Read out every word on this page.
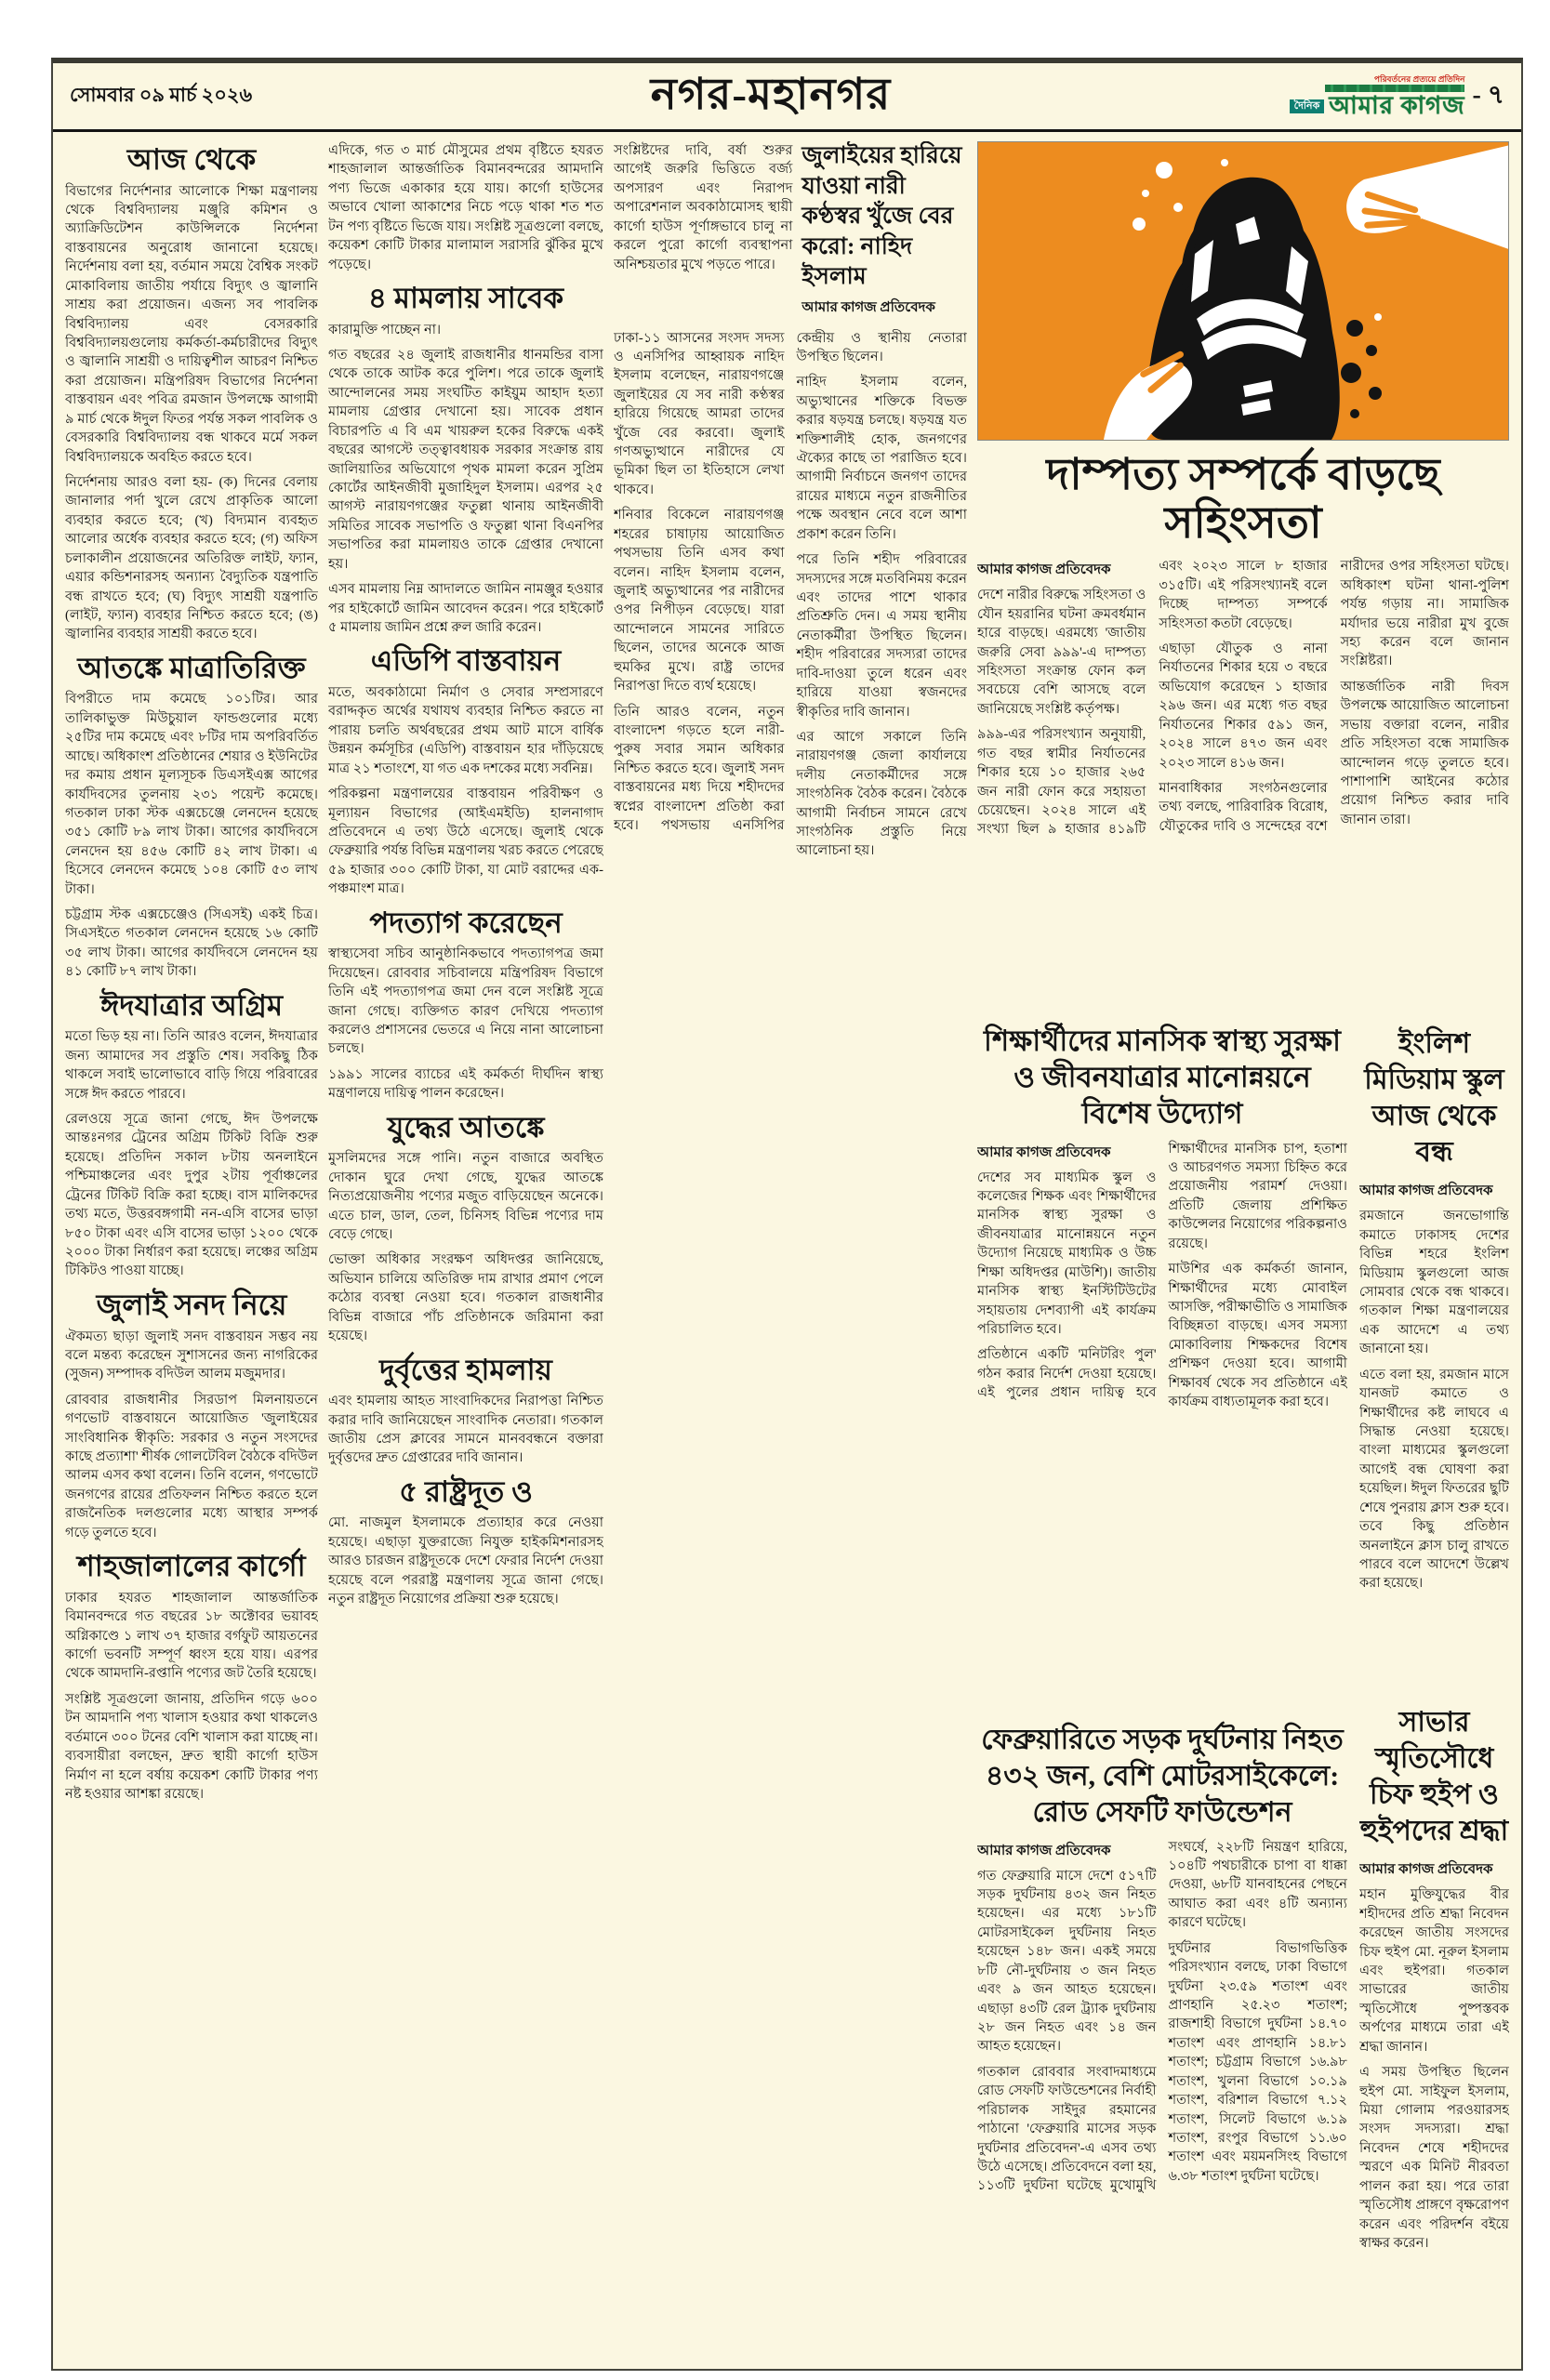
সোমবার ০৯ মার্চ ২০২৬	নগর-মহানগর	পরিবর্তনের প্রত্যয়ে প্রতিদিন
দৈনিক আমার কাগজ - ৭
আজ থেকে

বিভাগের নির্দেশনার আলোকে শিক্ষা মন্ত্রণালয় থেকে বিশ্ববিদ্যালয় মঞ্জুরি কমিশন ও অ্যাক্রিডিটেশন কাউন্সিলকে নির্দেশনা বাস্তবায়নের অনুরোধ জানানো হয়েছে। নির্দেশনায় বলা হয়, বর্তমান সময়ে বৈশ্বিক সংকট মোকাবিলায় জাতীয় পর্যায়ে বিদ্যুৎ ও জ্বালানি সাশ্রয় করা প্রয়োজন। এজন্য সব পাবলিক বিশ্ববিদ্যালয় এবং বেসরকারি বিশ্ববিদ্যালয়গুলোয় কর্মকর্তা-কর্মচারীদের বিদ্যুৎ ও জ্বালানি সাশ্রয়ী ও দায়িত্বশীল আচরণ নিশ্চিত করা প্রয়োজন। মন্ত্রিপরিষদ বিভাগের নির্দেশনা বাস্তবায়ন এবং পবিত্র রমজান উপলক্ষে আগামী ৯ মার্চ থেকে ঈদুল ফিতর পর্যন্ত সকল পাবলিক ও বেসরকারি বিশ্ববিদ্যালয় বন্ধ থাকবে মর্মে সকল বিশ্ববিদ্যালয়কে অবহিত করতে হবে।

নির্দেশনায় আরও বলা হয়- (ক) দিনের বেলায় জানালার পর্দা খুলে রেখে প্রাকৃতিক আলো ব্যবহার করতে হবে; (খ) বিদ্যমান ব্যবহৃত আলোর অর্ধেক ব্যবহার করতে হবে; (গ) অফিস চলাকালীন প্রয়োজনের অতিরিক্ত লাইট, ফ্যান, এয়ার কন্ডিশনারসহ অন্যান্য বৈদ্যুতিক যন্ত্রপাতি বন্ধ রাখতে হবে; (ঘ) বিদ্যুৎ সাশ্রয়ী যন্ত্রপাতি (লাইট, ফ্যান) ব্যবহার নিশ্চিত করতে হবে; (ঙ) জ্বালানির ব্যবহার সাশ্রয়ী করতে হবে।

আতঙ্কে মাত্রাতিরিক্ত

বিপরীতে দাম কমেছে ১০১টির। আর তালিকাভুক্ত মিউচুয়াল ফান্ডগুলোর মধ্যে ২৫টির দাম কমেছে এবং ৮টির দাম অপরিবর্তিত আছে। অধিকাংশ প্রতিষ্ঠানের শেয়ার ও ইউনিটের দর কমায় প্রধান মূল্যসূচক ডিএসইএক্স আগের কার্যদিবসের তুলনায় ২৩১ পয়েন্ট কমেছে। গতকাল ঢাকা স্টক এক্সচেঞ্জে লেনদেন হয়েছে ৩৫১ কোটি ৮৯ লাখ টাকা। আগের কার্যদিবসে লেনদেন হয় ৪৫৬ কোটি ৪২ লাখ টাকা। এ হিসেবে লেনদেন কমেছে ১০৪ কোটি ৫৩ লাখ টাকা।

চট্টগ্রাম স্টক এক্সচেঞ্জেও (সিএসই) একই চিত্র। সিএসইতে গতকাল লেনদেন হয়েছে ১৬ কোটি ৩৫ লাখ টাকা। আগের কার্যদিবসে লেনদেন হয় ৪১ কোটি ৮৭ লাখ টাকা।

ঈদযাত্রার অগ্রিম

মতো ভিড় হয় না। তিনি আরও বলেন, ঈদযাত্রার জন্য আমাদের সব প্রস্তুতি শেষ। সবকিছু ঠিক থাকলে সবাই ভালোভাবে বাড়ি গিয়ে পরিবারের সঙ্গে ঈদ করতে পারবে।

রেলওয়ে সূত্রে জানা গেছে, ঈদ উপলক্ষে আন্তঃনগর ট্রেনের অগ্রিম টিকিট বিক্রি শুরু হয়েছে। প্রতিদিন সকাল ৮টায় অনলাইনে পশ্চিমাঞ্চলের এবং দুপুর ২টায় পূর্বাঞ্চলের ট্রেনের টিকিট বিক্রি করা হচ্ছে। বাস মালিকদের তথ্য মতে, উত্তরবঙ্গগামী নন-এসি বাসের ভাড়া ৮৫০ টাকা এবং এসি বাসের ভাড়া ১২০০ থেকে ২০০০ টাকা নির্ধারণ করা হয়েছে। লঞ্চের অগ্রিম টিকিটও পাওয়া যাচ্ছে।

জুলাই সনদ নিয়ে

ঐকমত্য ছাড়া জুলাই সনদ বাস্তবায়ন সম্ভব নয় বলে মন্তব্য করেছেন সুশাসনের জন্য নাগরিকের (সুজন) সম্পাদক বদিউল আলম মজুমদার।

রোববার রাজধানীর সিরডাপ মিলনায়তনে গণভোট বাস্তবায়নে আয়োজিত 'জুলাইয়ের সাংবিধানিক স্বীকৃতি: সরকার ও নতুন সংসদের কাছে প্রত্যাশা' শীর্ষক গোলটেবিল বৈঠকে বদিউল আলম এসব কথা বলেন। তিনি বলেন, গণভোটে জনগণের রায়ের প্রতিফলন নিশ্চিত করতে হলে রাজনৈতিক দলগুলোর মধ্যে আস্থার সম্পর্ক গড়ে তুলতে হবে।

শাহজালালের কার্গো

ঢাকার হযরত শাহজালাল আন্তর্জাতিক বিমানবন্দরে গত বছরের ১৮ অক্টোবর ভয়াবহ অগ্নিকাণ্ডে ১ লাখ ৩৭ হাজার বর্গফুট আয়তনের কার্গো ভবনটি সম্পূর্ণ ধ্বংস হয়ে যায়। এরপর থেকে আমদানি-রপ্তানি পণ্যের জট তৈরি হয়েছে।

সংশ্লিষ্ট সূত্রগুলো জানায়, প্রতিদিন গড়ে ৬০০ টন আমদানি পণ্য খালাস হওয়ার কথা থাকলেও বর্তমানে ৩০০ টনের বেশি খালাস করা যাচ্ছে না। ব্যবসায়ীরা বলছেন, দ্রুত স্থায়ী কার্গো হাউস নির্মাণ না হলে বর্ষায় কয়েকশ কোটি টাকার পণ্য নষ্ট হওয়ার আশঙ্কা রয়েছে।

এদিকে, গত ৩ মার্চ মৌসুমের প্রথম বৃষ্টিতে হযরত শাহজালাল আন্তর্জাতিক বিমানবন্দরের আমদানি পণ্য ভিজে একাকার হয়ে যায়। কার্গো হাউসের অভাবে খোলা আকাশের নিচে পড়ে থাকা শত শত টন পণ্য বৃষ্টিতে ভিজে যায়। সংশ্লিষ্ট সূত্রগুলো বলছে, কয়েকশ কোটি টাকার মালামাল সরাসরি ঝুঁকির মুখে পড়েছে।

৪ মামলায় সাবেক

কারামুক্তি পাচ্ছেন না।

গত বছরের ২৪ জুলাই রাজধানীর ধানমন্ডির বাসা থেকে তাকে আটক করে পুলিশ। পরে তাকে জুলাই আন্দোলনের সময় সংঘটিত কাইয়ুম আহাদ হত্যা মামলায় গ্রেপ্তার দেখানো হয়। সাবেক প্রধান বিচারপতি এ বি এম খায়রুল হকের বিরুদ্ধে একই বছরের আগস্টে তত্ত্বাবধায়ক সরকার সংক্রান্ত রায় জালিয়াতির অভিযোগে পৃথক মামলা করেন সুপ্রিম কোর্টের আইনজীবী মুজাহিদুল ইসলাম। এরপর ২৫ আগস্ট নারায়ণগঞ্জের ফতুল্লা থানায় আইনজীবী সমিতির সাবেক সভাপতি ও ফতুল্লা থানা বিএনপির সভাপতির করা মামলায়ও তাকে গ্রেপ্তার দেখানো হয়।

এসব মামলায় নিম্ন আদালতে জামিন নামঞ্জুর হওয়ার পর হাইকোর্টে জামিন আবেদন করেন। পরে হাইকোর্ট ৫ মামলায় জামিন প্রশ্নে রুল জারি করেন।

এডিপি বাস্তবায়ন

মতে, অবকাঠামো নির্মাণ ও সেবার সম্প্রসারণে বরাদ্দকৃত অর্থের যথাযথ ব্যবহার নিশ্চিত করতে না পারায় চলতি অর্থবছরের প্রথম আট মাসে বার্ষিক উন্নয়ন কর্মসূচির (এডিপি) বাস্তবায়ন হার দাঁড়িয়েছে মাত্র ২১ শতাংশে, যা গত এক দশকের মধ্যে সর্বনিম্ন।

পরিকল্পনা মন্ত্রণালয়ের বাস্তবায়ন পরিবীক্ষণ ও মূল্যায়ন বিভাগের (আইএমইডি) হালনাগাদ প্রতিবেদনে এ তথ্য উঠে এসেছে। জুলাই থেকে ফেব্রুয়ারি পর্যন্ত বিভিন্ন মন্ত্রণালয় খরচ করতে পেরেছে ৫৯ হাজার ৩০০ কোটি টাকা, যা মোট বরাদ্দের এক-পঞ্চমাংশ মাত্র।

পদত্যাগ করেছেন

স্বাস্থ্যসেবা সচিব আনুষ্ঠানিকভাবে পদত্যাগপত্র জমা দিয়েছেন। রোববার সচিবালয়ে মন্ত্রিপরিষদ বিভাগে তিনি এই পদত্যাগপত্র জমা দেন বলে সংশ্লিষ্ট সূত্রে জানা গেছে। ব্যক্তিগত কারণ দেখিয়ে পদত্যাগ করলেও প্রশাসনের ভেতরে এ নিয়ে নানা আলোচনা চলছে।

১৯৯১ সালের ব্যাচের এই কর্মকর্তা দীর্ঘদিন স্বাস্থ্য মন্ত্রণালয়ে দায়িত্ব পালন করেছেন।

যুদ্ধের আতঙ্কে

মুসলিমদের সঙ্গে পানি। নতুন বাজারে অবস্থিত দোকান ঘুরে দেখা গেছে, যুদ্ধের আতঙ্কে নিত্যপ্রয়োজনীয় পণ্যের মজুত বাড়িয়েছেন অনেকে। এতে চাল, ডাল, তেল, চিনিসহ বিভিন্ন পণ্যের দাম বেড়ে গেছে।

ভোক্তা অধিকার সংরক্ষণ অধিদপ্তর জানিয়েছে, অভিযান চালিয়ে অতিরিক্ত দাম রাখার প্রমাণ পেলে কঠোর ব্যবস্থা নেওয়া হবে। গতকাল রাজধানীর বিভিন্ন বাজারে পাঁচ প্রতিষ্ঠানকে জরিমানা করা হয়েছে।

দুর্বৃত্তের হামলায়

এবং হামলায় আহত সাংবাদিকদের নিরাপত্তা নিশ্চিত করার দাবি জানিয়েছেন সাংবাদিক নেতারা। গতকাল জাতীয় প্রেস ক্লাবের সামনে মানববন্ধনে বক্তারা দুর্বৃত্তদের দ্রুত গ্রেপ্তারের দাবি জানান।

৫ রাষ্ট্রদূত ও

মো. নাজমুল ইসলামকে প্রত্যাহার করে নেওয়া হয়েছে। এছাড়া যুক্তরাজ্যে নিযুক্ত হাইকমিশনারসহ আরও চারজন রাষ্ট্রদূতকে দেশে ফেরার নির্দেশ দেওয়া হয়েছে বলে পররাষ্ট্র মন্ত্রণালয় সূত্রে জানা গেছে। নতুন রাষ্ট্রদূত নিয়োগের প্রক্রিয়া শুরু হয়েছে।

সংশ্লিষ্টদের দাবি, বর্ষা শুরুর আগেই জরুরি ভিত্তিতে বর্জ্য অপসারণ এবং নিরাপদ অপারেশনাল অবকাঠামোসহ স্থায়ী কার্গো হাউস পূর্ণাঙ্গভাবে চালু না করলে পুরো কার্গো ব্যবস্থাপনা অনিশ্চয়তার মুখে পড়তে পারে।

জুলাইয়ের হারিয়ে যাওয়া নারী কণ্ঠস্বর খুঁজে বের করো: নাহিদ ইসলাম
আমার কাগজ প্রতিবেদক

ঢাকা-১১ আসনের সংসদ সদস্য ও এনসিপির আহ্বায়ক নাহিদ ইসলাম বলেছেন, নারায়ণগঞ্জে জুলাইয়ের যে সব নারী কণ্ঠস্বর হারিয়ে গিয়েছে আমরা তাদের খুঁজে বের করবো। জুলাই গণঅভ্যুত্থানে নারীদের যে ভূমিকা ছিল তা ইতিহাসে লেখা থাকবে।

শনিবার বিকেলে নারায়ণগঞ্জ শহরের চাষাঢ়ায় আয়োজিত পথসভায় তিনি এসব কথা বলেন। নাহিদ ইসলাম বলেন, জুলাই অভ্যুত্থানের পর নারীদের ওপর নিপীড়ন বেড়েছে। যারা আন্দোলনে সামনের সারিতে ছিলেন, তাদের অনেকে আজ হুমকির মুখে। রাষ্ট্র তাদের নিরাপত্তা দিতে ব্যর্থ হয়েছে।

তিনি আরও বলেন, নতুন বাংলাদেশ গড়তে হলে নারী-পুরুষ সবার সমান অধিকার নিশ্চিত করতে হবে। জুলাই সনদ বাস্তবায়নের মধ্য দিয়ে শহীদদের স্বপ্নের বাংলাদেশ প্রতিষ্ঠা করা হবে। পথসভায় এনসিপির কেন্দ্রীয় ও স্থানীয় নেতারা উপস্থিত ছিলেন।

নাহিদ ইসলাম বলেন, অভ্যুত্থানের শক্তিকে বিভক্ত করার ষড়যন্ত্র চলছে। ষড়যন্ত্র যত শক্তিশালীই হোক, জনগণের ঐক্যের কাছে তা পরাজিত হবে। আগামী নির্বাচনে জনগণ তাদের রায়ের মাধ্যমে নতুন রাজনীতির পক্ষে অবস্থান নেবে বলে আশা প্রকাশ করেন তিনি।

পরে তিনি শহীদ পরিবারের সদস্যদের সঙ্গে মতবিনিময় করেন এবং তাদের পাশে থাকার প্রতিশ্রুতি দেন। এ সময় স্থানীয় নেতাকর্মীরা উপস্থিত ছিলেন। শহীদ পরিবারের সদস্যরা তাদের দাবি-দাওয়া তুলে ধরেন এবং হারিয়ে যাওয়া স্বজনদের স্বীকৃতির দাবি জানান।

এর আগে সকালে তিনি নারায়ণগঞ্জ জেলা কার্যালয়ে দলীয় নেতাকর্মীদের সঙ্গে সাংগঠনিক বৈঠক করেন। বৈঠকে আগামী নির্বাচন সামনে রেখে সাংগঠনিক প্রস্তুতি নিয়ে আলোচনা হয়।

দাম্পত্য সম্পর্কে বাড়ছে সহিংসতা
আমার কাগজ প্রতিবেদক

দেশে নারীর বিরুদ্ধে সহিংসতা ও যৌন হয়রানির ঘটনা ক্রমবর্ধমান হারে বাড়ছে। এরমধ্যে 'জাতীয় জরুরি সেবা ৯৯৯'-এ দাম্পত্য সহিংসতা সংক্রান্ত ফোন কল সবচেয়ে বেশি আসছে বলে জানিয়েছে সংশ্লিষ্ট কর্তৃপক্ষ।

৯৯৯-এর পরিসংখ্যান অনুযায়ী, গত বছর স্বামীর নির্যাতনের শিকার হয়ে ১০ হাজার ২৬৫ জন নারী ফোন করে সহায়তা চেয়েছেন। ২০২৪ সালে এই সংখ্যা ছিল ৯ হাজার ৪১৯টি এবং ২০২৩ সালে ৮ হাজার ৩১৫টি। এই পরিসংখ্যানই বলে দিচ্ছে দাম্পত্য সম্পর্কে সহিংসতা কতটা বেড়েছে।

এছাড়া যৌতুক ও নানা নির্যাতনের শিকার হয়ে ৩ বছরে অভিযোগ করেছেন ১ হাজার ২৯৬ জন। এর মধ্যে গত বছর নির্যাতনের শিকার ৫৯১ জন, ২০২৪ সালে ৪৭৩ জন এবং ২০২৩ সালে ৪১৬ জন।

মানবাধিকার সংগঠনগুলোর তথ্য বলছে, পারিবারিক বিরোধ, যৌতুকের দাবি ও সন্দেহের বশে নারীদের ওপর সহিংসতা ঘটছে। অধিকাংশ ঘটনা থানা-পুলিশ পর্যন্ত গড়ায় না। সামাজিক মর্যাদার ভয়ে নারীরা মুখ বুজে সহ্য করেন বলে জানান সংশ্লিষ্টরা।

আন্তর্জাতিক নারী দিবস উপলক্ষে আয়োজিত আলোচনা সভায় বক্তারা বলেন, নারীর প্রতি সহিংসতা বন্ধে সামাজিক আন্দোলন গড়ে তুলতে হবে। পাশাপাশি আইনের কঠোর প্রয়োগ নিশ্চিত করার দাবি জানান তারা।

শিক্ষার্থীদের মানসিক স্বাস্থ্য সুরক্ষা ও জীবনযাত্রার মানোন্নয়নে বিশেষ উদ্যোগ
আমার কাগজ প্রতিবেদক

দেশের সব মাধ্যমিক স্কুল ও কলেজের শিক্ষক এবং শিক্ষার্থীদের মানসিক স্বাস্থ্য সুরক্ষা ও জীবনযাত্রার মানোন্নয়নে নতুন উদ্যোগ নিয়েছে মাধ্যমিক ও উচ্চ শিক্ষা অধিদপ্তর (মাউশি)। জাতীয় মানসিক স্বাস্থ্য ইনস্টিটিউটের সহায়তায় দেশব্যাপী এই কার্যক্রম পরিচালিত হবে।

প্রতিষ্ঠানে একটি 'মনিটরিং পুল' গঠন করার নির্দেশ দেওয়া হয়েছে। এই পুলের প্রধান দায়িত্ব হবে শিক্ষার্থীদের মানসিক চাপ, হতাশা ও আচরণগত সমস্যা চিহ্নিত করে প্রয়োজনীয় পরামর্শ দেওয়া। প্রতিটি জেলায় প্রশিক্ষিত কাউন্সেলর নিয়োগের পরিকল্পনাও রয়েছে।

মাউশির এক কর্মকর্তা জানান, শিক্ষার্থীদের মধ্যে মোবাইল আসক্তি, পরীক্ষাভীতি ও সামাজিক বিচ্ছিন্নতা বাড়ছে। এসব সমস্যা মোকাবিলায় শিক্ষকদের বিশেষ প্রশিক্ষণ দেওয়া হবে। আগামী শিক্ষাবর্ষ থেকে সব প্রতিষ্ঠানে এই কার্যক্রম বাধ্যতামূলক করা হবে।

ফেব্রুয়ারিতে সড়ক দুর্ঘটনায় নিহত ৪৩২ জন, বেশি মোটরসাইকেলে: রোড সেফটি ফাউন্ডেশন
আমার কাগজ প্রতিবেদক

গত ফেব্রুয়ারি মাসে দেশে ৫১৭টি সড়ক দুর্ঘটনায় ৪৩২ জন নিহত হয়েছেন। এর মধ্যে ১৮১টি মোটরসাইকেল দুর্ঘটনায় নিহত হয়েছেন ১৪৮ জন। একই সময়ে ৮টি নৌ-দুর্ঘটনায় ৩ জন নিহত এবং ৯ জন আহত হয়েছেন। এছাড়া ৪৩টি রেল ট্র্যাক দুর্ঘটনায় ২৮ জন নিহত এবং ১৪ জন আহত হয়েছেন।

গতকাল রোববার সংবাদমাধ্যমে রোড সেফটি ফাউন্ডেশনের নির্বাহী পরিচালক সাইদুর রহমানের পাঠানো 'ফেব্রুয়ারি মাসের সড়ক দুর্ঘটনার প্রতিবেদন'-এ এসব তথ্য উঠে এসেছে। প্রতিবেদনে বলা হয়, ১১৩টি দুর্ঘটনা ঘটেছে মুখোমুখি সংঘর্ষে, ২২৮টি নিয়ন্ত্রণ হারিয়ে, ১০৪টি পথচারীকে চাপা বা ধাক্কা দেওয়া, ৬৮টি যানবাহনের পেছনে আঘাত করা এবং ৪টি অন্যান্য কারণে ঘটেছে।

দুর্ঘটনার বিভাগভিত্তিক পরিসংখ্যান বলছে, ঢাকা বিভাগে দুর্ঘটনা ২৩.৫৯ শতাংশ এবং প্রাণহানি ২৫.২৩ শতাংশ; রাজশাহী বিভাগে দুর্ঘটনা ১৪.৭০ শতাংশ এবং প্রাণহানি ১৪.৮১ শতাংশ; চট্টগ্রাম বিভাগে ১৬.৯৮ শতাংশ, খুলনা বিভাগে ১০.১৯ শতাংশ, বরিশাল বিভাগে ৭.১২ শতাংশ, সিলেট বিভাগে ৬.১৯ শতাংশ, রংপুর বিভাগে ১১.৬০ শতাংশ এবং ময়মনসিংহ বিভাগে ৬.৩৮ শতাংশ দুর্ঘটনা ঘটেছে।

ইংলিশ মিডিয়াম স্কুল আজ থেকে বন্ধ
আমার কাগজ প্রতিবেদক

রমজানে জনভোগান্তি কমাতে ঢাকাসহ দেশের বিভিন্ন শহরে ইংলিশ মিডিয়াম স্কুলগুলো আজ সোমবার থেকে বন্ধ থাকবে। গতকাল শিক্ষা মন্ত্রণালয়ের এক আদেশে এ তথ্য জানানো হয়।

এতে বলা হয়, রমজান মাসে যানজট কমাতে ও শিক্ষার্থীদের কষ্ট লাঘবে এ সিদ্ধান্ত নেওয়া হয়েছে। বাংলা মাধ্যমের স্কুলগুলো আগেই বন্ধ ঘোষণা করা হয়েছিল। ঈদুল ফিতরের ছুটি শেষে পুনরায় ক্লাস শুরু হবে। তবে কিছু প্রতিষ্ঠান অনলাইনে ক্লাস চালু রাখতে পারবে বলে আদেশে উল্লেখ করা হয়েছে।

সাভার স্মৃতিসৌধে চিফ হুইপ ও হুইপদের শ্রদ্ধা
আমার কাগজ প্রতিবেদক

মহান মুক্তিযুদ্ধের বীর শহীদদের প্রতি শ্রদ্ধা নিবেদন করেছেন জাতীয় সংসদের চিফ হুইপ মো. নূরুল ইসলাম এবং হুইপরা। গতকাল সাভারের জাতীয় স্মৃতিসৌধে পুষ্পস্তবক অর্পণের মাধ্যমে তারা এই শ্রদ্ধা জানান।

এ সময় উপস্থিত ছিলেন হুইপ মো. সাইফুল ইসলাম, মিয়া গোলাম পরওয়ারসহ সংসদ সদস্যরা। শ্রদ্ধা নিবেদন শেষে শহীদদের স্মরণে এক মিনিট নীরবতা পালন করা হয়। পরে তারা স্মৃতিসৌধ প্রাঙ্গণে বৃক্ষরোপণ করেন এবং পরিদর্শন বইয়ে স্বাক্ষর করেন।
